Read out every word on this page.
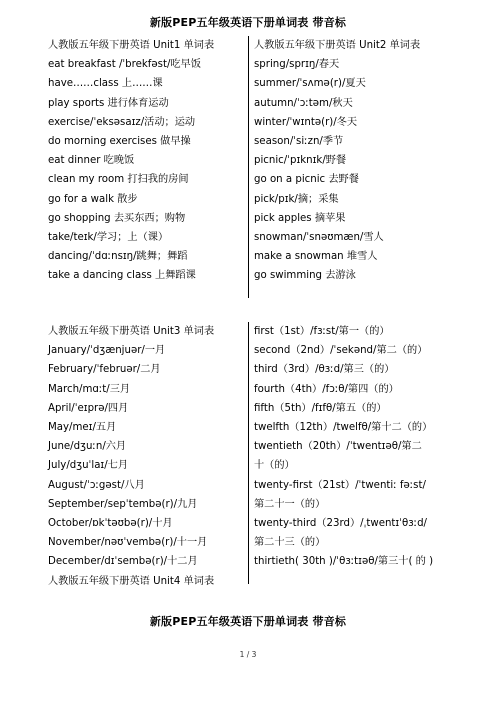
新版PEP五年级英语下册单词表 带音标
人教版五年级下册英语 Unit1 单词表
eat breakfast /ˈbrekfəst/吃早饭
have……class 上……课
play sports 进行体育运动
exercise/ˈeksəsaɪz/活动；运动
do morning exercises 做早操
eat dinner 吃晚饭
clean my room 打扫我的房间
go for a walk 散步
go shopping 去买东西；购物
take/teɪk/学习；上（课）
dancing/ˈdɑːnsɪŋ/跳舞；舞蹈
take a dancing class 上舞蹈课
人教版五年级下册英语 Unit2 单词表
spring/sprɪŋ/春天
summer/ˈsʌmə(r)/夏天
autumn/ˈɔːtəm/秋天
winter/ˈwɪntə(r)/冬天
season/ˈsiːzn/季节
picnic/ˈpɪknɪk/野餐
go on a picnic 去野餐
pick/pɪk/摘；采集
pick apples 摘苹果
snowman/ˈsnəʊmæn/雪人
make a snowman 堆雪人
go swimming 去游泳
人教版五年级下册英语 Unit3 单词表
January/ˈdʒænjuər/一月
February/ˈfebruər/二月
March/mɑːt/三月
April/ˈeɪprə/四月
May/meɪ/五月
June/dʒuːn/六月
July/dʒuˈlaɪ/七月
August/ˈɔːgəst/八月
September/sepˈtembə(r)/九月
October/ɒkˈtəʊbə(r)/十月
November/nəʊˈvembə(r)/十一月
December/dɪˈsembə(r)/十二月
人教版五年级下册英语 Unit4 单词表
first（1st）/fɜːst/第一（的）
second（2nd）/ˈsekənd/第二（的）
third（3rd）/θɜːd/第三（的）
fourth（4th）/fɔːθ/第四（的）
fifth（5th）/fɪfθ/第五（的）
twelfth（12th）/twelfθ/第十二（的）
twentieth（20th）/ˈtwentɪəθ/第二
十（的）
twenty-first（21st）/ˈtwentiː fəːst/
第二十一（的）
twenty-third（23rd）/ˌtwentɪˈθɜːd/
第二十三（的）
thirtieth( 30th )/ˈθɜːtɪəθ/第三十( 的 )
新版PEP五年级英语下册单词表 带音标
1 / 3
